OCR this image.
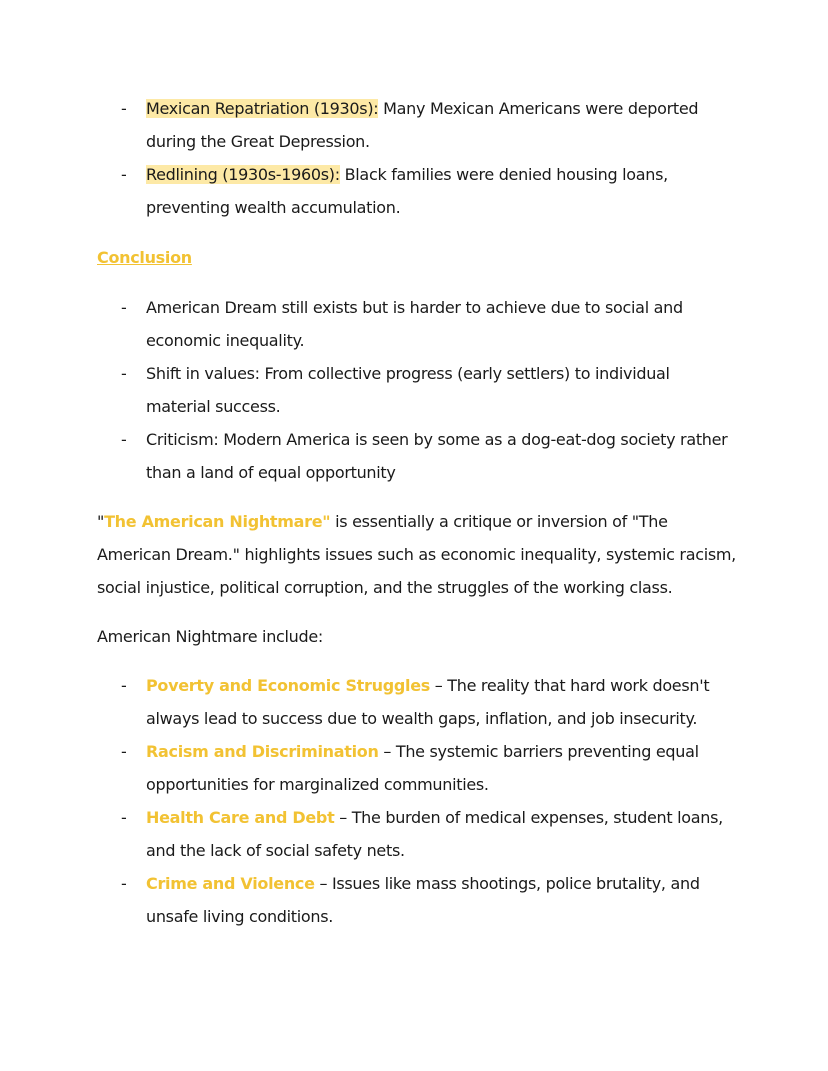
- Mexican Repatriation (1930s): Many Mexican Americans were deported during the Great Depression.
- Redlining (1930s-1960s): Black families were denied housing loans, preventing wealth accumulation.
Conclusion
- American Dream still exists but is harder to achieve due to social and economic inequality.
- Shift in values: From collective progress (early settlers) to individual material success.
- Criticism: Modern America is seen by some as a dog-eat-dog society rather than a land of equal opportunity

"The American Nightmare" is essentially a critique or inversion of "The American Dream." highlights issues such as economic inequality, systemic racism, social injustice, political corruption, and the struggles of the working class.

American Nightmare include:

- Poverty and Economic Struggles – The reality that hard work doesn't always lead to success due to wealth gaps, inflation, and job insecurity.
- Racism and Discrimination – The systemic barriers preventing equal opportunities for marginalized communities.
- Health Care and Debt – The burden of medical expenses, student loans, and the lack of social safety nets.
- Crime and Violence – Issues like mass shootings, police brutality, and unsafe living conditions.
